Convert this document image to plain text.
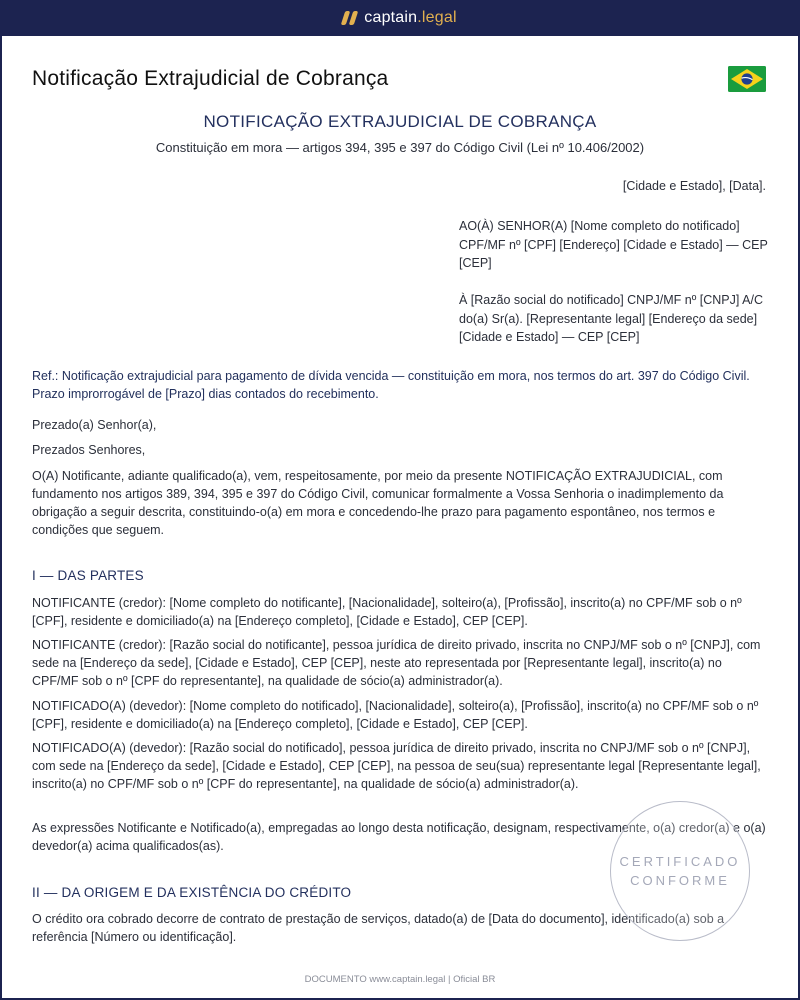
captain.legal
Notificação Extrajudicial de Cobrança
NOTIFICAÇÃO EXTRAJUDICIAL DE COBRANÇA
Constituição em mora — artigos 394, 395 e 397 do Código Civil (Lei nº 10.406/2002)
[Cidade e Estado], [Data].
AO(À) SENHOR(A) [Nome completo do notificado] CPF/MF nº [CPF] [Endereço] [Cidade e Estado] — CEP [CEP]
À [Razão social do notificado] CNPJ/MF nº [CNPJ] A/C do(a) Sr(a). [Representante legal] [Endereço da sede] [Cidade e Estado] — CEP [CEP]
Ref.: Notificação extrajudicial para pagamento de dívida vencida — constituição em mora, nos termos do art. 397 do Código Civil. Prazo improrrogável de [Prazo] dias contados do recebimento.
Prezado(a) Senhor(a),
Prezados Senhores,
O(A) Notificante, adiante qualificado(a), vem, respeitosamente, por meio da presente NOTIFICAÇÃO EXTRAJUDICIAL, com fundamento nos artigos 389, 394, 395 e 397 do Código Civil, comunicar formalmente a Vossa Senhoria o inadimplemento da obrigação a seguir descrita, constituindo-o(a) em mora e concedendo-lhe prazo para pagamento espontâneo, nos termos e condições que seguem.
I — DAS PARTES
NOTIFICANTE (credor): [Nome completo do notificante], [Nacionalidade], solteiro(a), [Profissão], inscrito(a) no CPF/MF sob o nº [CPF], residente e domiciliado(a) na [Endereço completo], [Cidade e Estado], CEP [CEP].
NOTIFICANTE (credor): [Razão social do notificante], pessoa jurídica de direito privado, inscrita no CNPJ/MF sob o nº [CNPJ], com sede na [Endereço da sede], [Cidade e Estado], CEP [CEP], neste ato representada por [Representante legal], inscrito(a) no CPF/MF sob o nº [CPF do representante], na qualidade de sócio(a) administrador(a).
NOTIFICADO(A) (devedor): [Nome completo do notificado], [Nacionalidade], solteiro(a), [Profissão], inscrito(a) no CPF/MF sob o nº [CPF], residente e domiciliado(a) na [Endereço completo], [Cidade e Estado], CEP [CEP].
NOTIFICADO(A) (devedor): [Razão social do notificado], pessoa jurídica de direito privado, inscrita no CNPJ/MF sob o nº [CNPJ], com sede na [Endereço da sede], [Cidade e Estado], CEP [CEP], na pessoa de seu(sua) representante legal [Representante legal], inscrito(a) no CPF/MF sob o nº [CPF do representante], na qualidade de sócio(a) administrador(a).
As expressões Notificante e Notificado(a), empregadas ao longo desta notificação, designam, respectivamente, o(a) credor(a) e o(a) devedor(a) acima qualificados(as).
II — DA ORIGEM E DA EXISTÊNCIA DO CRÉDITO
O crédito ora cobrado decorre de contrato de prestação de serviços, datado(a) de [Data do documento], identificado(a) sob a referência [Número ou identificação].
CERTIFICADO
CONFORME
DOCUMENTO www.captain.legal | Oficial BR
